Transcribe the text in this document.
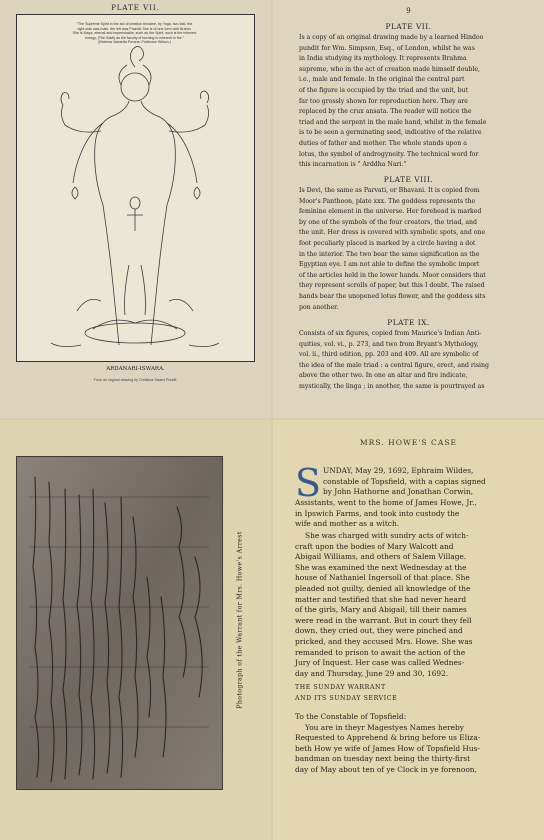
PLATE VII.
"The Supreme Spirit in the act of creation became, by Yoga, two-fold, the
right side was male, the left was Prakriti. She is of one form with Brahm.
She is Maya, eternal and imperishable, such as the Spirit, such is the inherent
energy, (The Sakti) as the faculty of burning is inherent in fire."
(Brahma Vaivartta Purana; Professor Wilson.)
ARDANARI-ISWARA.
From an original drawing by Chrishna Swami Pundit.
9
PLATE VII.
Is a copy of an original drawing made by a learned Hindoo
pundit for Wm. Simpson, Esq., of London, whilst he was
in India studying its mythology. It represents Brahma
supreme, who in the act of creation made himself double,
i.e., male and female. In the original the central part
of the figure is occupied by the triad and the unit, but
far too grossly shown for reproduction here. They are
replaced by the crux ansata. The reader will notice the
triad and the serpent in the male hand, whilst in the female
is to be seen a germinating seed, indicative of the relative
duties of father and mother. The whole stands upon a
lotus, the symbol of androgyneity. The technical word for
this incarnation is " Arddha Nari."
PLATE VIII.
Is Devi, the same as Parvati, or Bhavani. It is copied from
Moor's Pantheon, plate xxx. The goddess represents the
feminine element in the universe. Her forehead is marked
by one of the symbols of the four creators, the triad, and
the unit. Her dress is covered with symbolic spots, and one
foot peculiarly placed is marked by a circle having a dot
in the interior. The two bear the same signification as the
Egyptian eye. I am not able to define the symbolic import
of the articles held in the lower hands. Moor considers that
they represent scrolls of paper, but this I doubt. The raised
hands bear the unopened lotus flower, and the goddess sits
pon another.
PLATE IX.
Consists of six figures, copied from Maurice's Indian Anti-
quities, vol. vi., p. 273, and two from Bryant's Mythology,
vol. ii., third edition, pp. 203 and 409. All are symbolic of
the idea of the male triad : a central figure, erect, and rising
above the other two. In one an altar and fire indicate,
mystically, the linga ; in another, the same is pourtrayed as
Photograph of the Warrant for Mrs. Howe's Arrest
MRS. HOWE'S CASE
S UNDAY, May 29, 1692, Ephraim Wildes,
constable of Topsfield, with a capias signed
by John Hathorne and Jonathan Corwin,
Assistants, went to the home of James Howe, Jr.,
in Ipswich Farms, and took into custody the
wife and mother as a witch.
She was charged with sundry acts of witch-
craft upon the bodies of Mary Walcott and
Abigail Williams, and others of Salem Village.
She was examined the next Wednesday at the
house of Nathaniel Ingersoll of that place. She
pleaded not guilty, denied all knowledge of the
matter and testified that she had never heard
of the girls, Mary and Abigail, till their names
were read in the warrant. But in court they fell
down, they cried out, they were pinched and
pricked, and they accused Mrs. Howe. She was
remanded to prison to await the action of the
Jury of Inquest. Her case was called Wednes-
day and Thursday, June 29 and 30, 1692.
THE SUNDAY WARRANT
AND ITS SUNDAY SERVICE
To the Constable of Topsfield:
You are in theyr Magestyes Names hereby
Requested to Apprehend & bring before us Eliza-
beth How ye wife of James How of Topsfield Hus-
bandman on tuesday next being the thirty-first
day of May about ten of ye Clock in ye forenoon,
